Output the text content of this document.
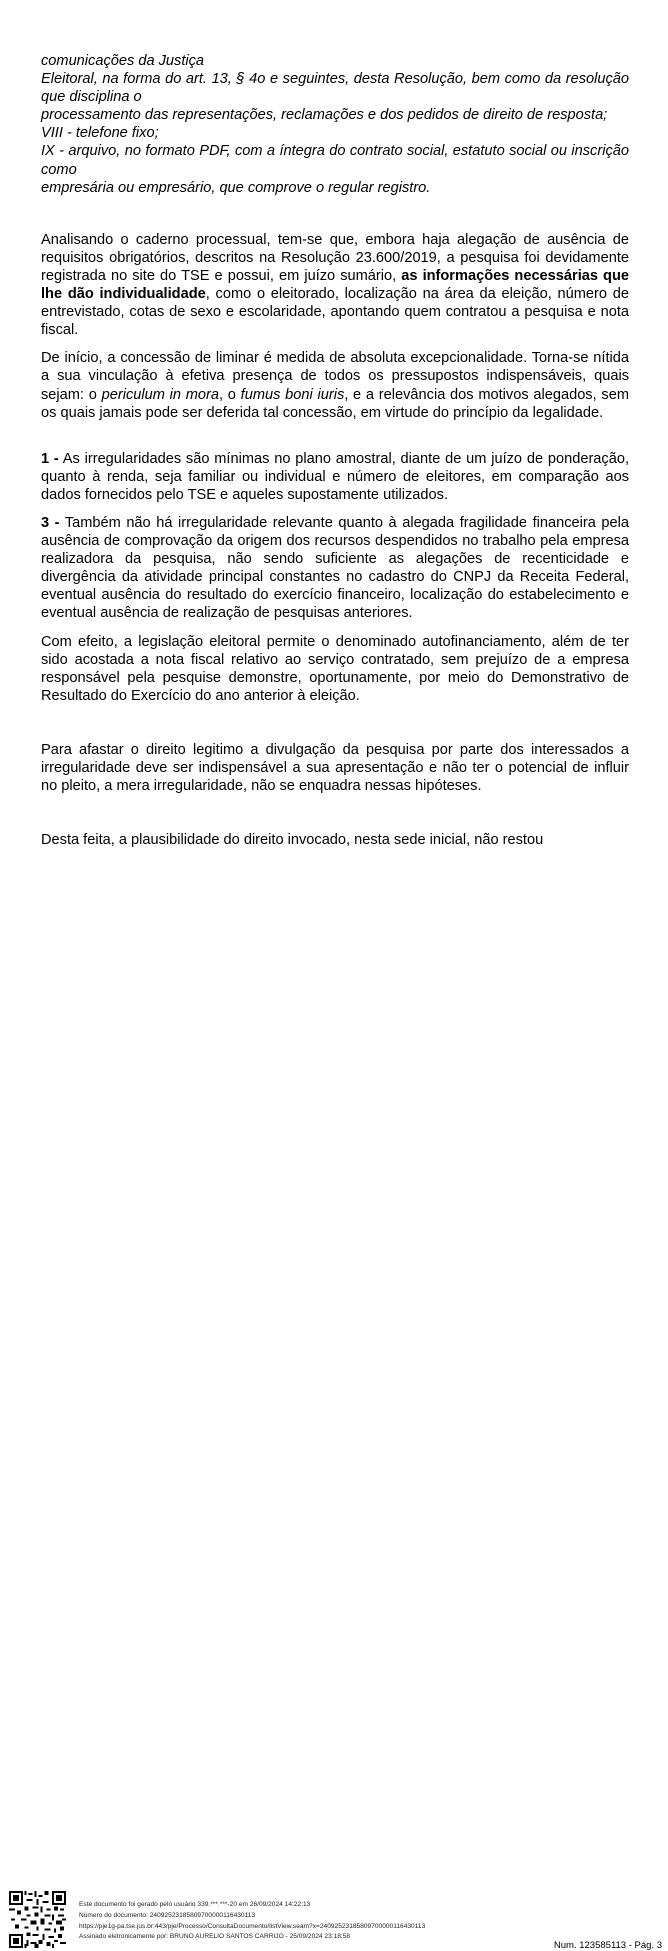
comunicações da Justiça
Eleitoral, na forma do art. 13, § 4o e seguintes, desta Resolução, bem como da resolução que disciplina o
processamento das representações, reclamações e dos pedidos de direito de resposta;
VIII - telefone fixo;
IX - arquivo, no formato PDF, com a íntegra do contrato social, estatuto social ou inscrição como
empresária ou empresário, que comprove o regular registro.

Analisando o caderno processual, tem-se que, embora haja alegação de ausência de requisitos obrigatórios, descritos na Resolução 23.600/2019, a pesquisa foi devidamente registrada no site do TSE e possui, em juízo sumário, as informações necessárias que lhe dão individualidade, como o eleitorado, localização na área da eleição, número de entrevistado, cotas de sexo e escolaridade, apontando quem contratou a pesquisa e nota fiscal.

De início, a concessão de liminar é medida de absoluta excepcionalidade. Torna-se nítida a sua vinculação à efetiva presença de todos os pressupostos indispensáveis, quais sejam: o periculum in mora, o fumus boni iuris, e a relevância dos motivos alegados, sem os quais jamais pode ser deferida tal concessão, em virtude do princípio da legalidade.

1 - As irregularidades são mínimas no plano amostral, diante de um juízo de ponderação, quanto à renda, seja familiar ou individual e número de eleitores, em comparação aos dados fornecidos pelo TSE e aqueles supostamente utilizados.

3 - Também não há irregularidade relevante quanto à alegada fragilidade financeira pela ausência de comprovação da origem dos recursos despendidos no trabalho pela empresa realizadora da pesquisa, não sendo suficiente as alegações de recenticidade e divergência da atividade principal constantes no cadastro do CNPJ da Receita Federal, eventual ausência do resultado do exercício financeiro, localização do estabelecimento e eventual ausência de realização de pesquisas anteriores.

Com efeito, a legislação eleitoral permite o denominado autofinanciamento, além de ter sido acostada a nota fiscal relativo ao serviço contratado, sem prejuízo de a empresa responsável pela pesquise demonstre, oportunamente, por meio do Demonstrativo de Resultado do Exercício do ano anterior à eleição.

Para afastar o direito legitimo a divulgação da pesquisa por parte dos interessados a irregularidade deve ser indispensável a sua apresentação e não ter o potencial de influir no pleito, a mera irregularidade, não se enquadra nessas hipóteses.

Desta feita, a plausibilidade do direito invocado, nesta sede inicial, não restou

Este documento foi gerado pelo usuário 339.***.***-20 em 26/09/2024 14:22:13
Número do documento: 24092523185809700000116430113
https://pje1g-pa.tse.jus.br:443/pje/Processo/ConsultaDocumento/listView.seam?x=24092523185809700000116430113
Assinado eletronicamente por: BRUNO AURELIO SANTOS CARRIJO - 25/09/2024 23:18:58
Num. 123585113 - Pág. 3
